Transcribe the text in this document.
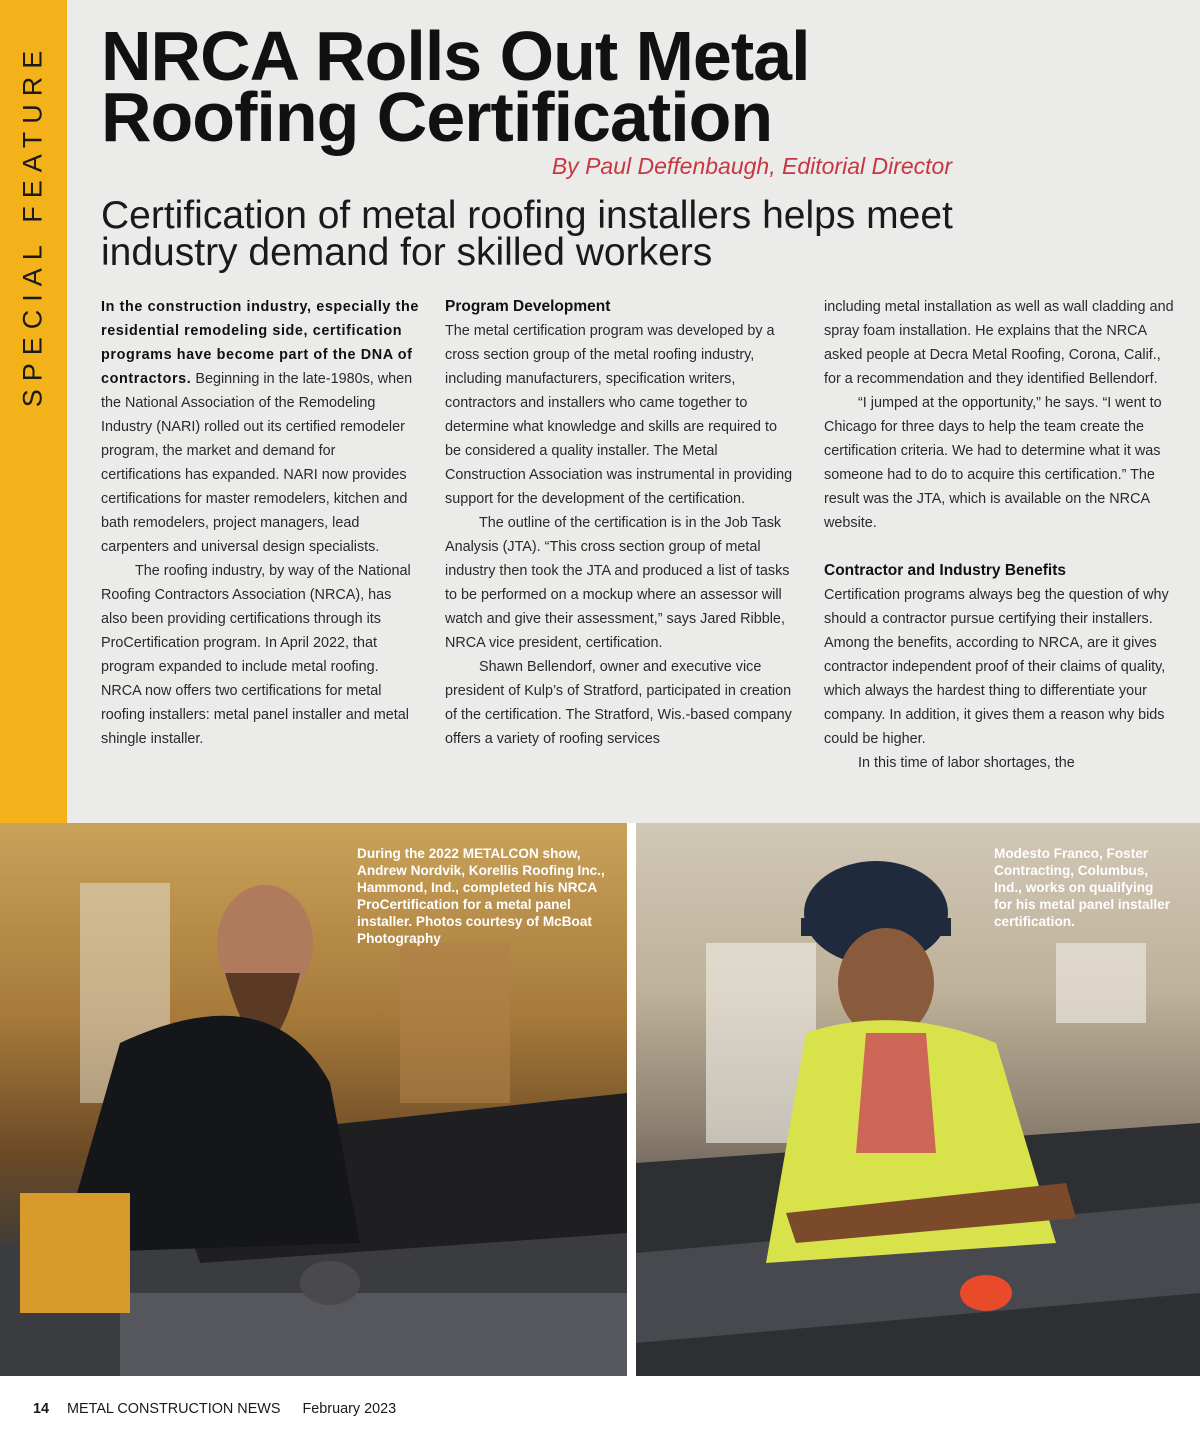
SPECIAL FEATURE NRCA Rolls Out Metal Roofing Certification
By Paul Deffenbaugh, Editorial Director
Certification of metal roofing installers helps meet industry demand for skilled workers

In the construction industry, especially the residential remodeling side, certification programs have become part of the DNA of contractors. Beginning in the late-1980s, when the National Association of the Remodeling Industry (NARI) rolled out its certified remodeler program, the market and demand for certifications has expanded. NARI now provides certifications for master remodelers, kitchen and bath remodelers, project managers, lead carpenters and universal design specialists.

The roofing industry, by way of the National Roofing Contractors Association (NRCA), has also been providing certifications through its ProCertification program. In April 2022, that program expanded to include metal roofing. NRCA now offers two certifications for metal roofing installers: metal panel installer and metal shingle installer.

Program Development

The metal certification program was developed by a cross section group of the metal roofing industry, including manufacturers, specification writers, contractors and installers who came together to determine what knowledge and skills are required to be considered a quality installer. The Metal Construction Association was instrumental in providing support for the development of the certification.

The outline of the certification is in the Job Task Analysis (JTA). “This cross section group of metal industry then took the JTA and produced a list of tasks to be performed on a mockup where an assessor will watch and give their assessment,” says Jared Ribble, NRCA vice president, certification.

Shawn Bellendorf, owner and executive vice president of Kulp’s of Stratford, participated in creation of the certification. The Stratford, Wis.-based company offers a variety of roofing services

including metal installation as well as wall cladding and spray foam installation. He explains that the NRCA asked people at Decra Metal Roofing, Corona, Calif., for a recommendation and they identified Bellendorf.

“I jumped at the opportunity,” he says. “I went to Chicago for three days to help the team create the certification criteria. We had to determine what it was someone had to do to acquire this certification.” The result was the JTA, which is available on the NRCA website.

Contractor and Industry Benefits

Certification programs always beg the question of why should a contractor pursue certifying their installers. Among the benefits, according to NRCA, are it gives contractor independent proof of their claims of quality, which always the hardest thing to differentiate your company. In addition, it gives them a reason why bids could be higher.

In this time of labor shortages, the

During the 2022 METALCON show, Andrew Nordvik, Korellis Roofing Inc., Hammond, Ind., completed his NRCA ProCertification for a metal panel installer. Photos courtesy of McBoat Photography
Modesto Franco, Foster Contracting, Columbus, Ind., works on qualifying for his metal panel installer certification.
14 METAL CONSTRUCTION NEWS February 2023
